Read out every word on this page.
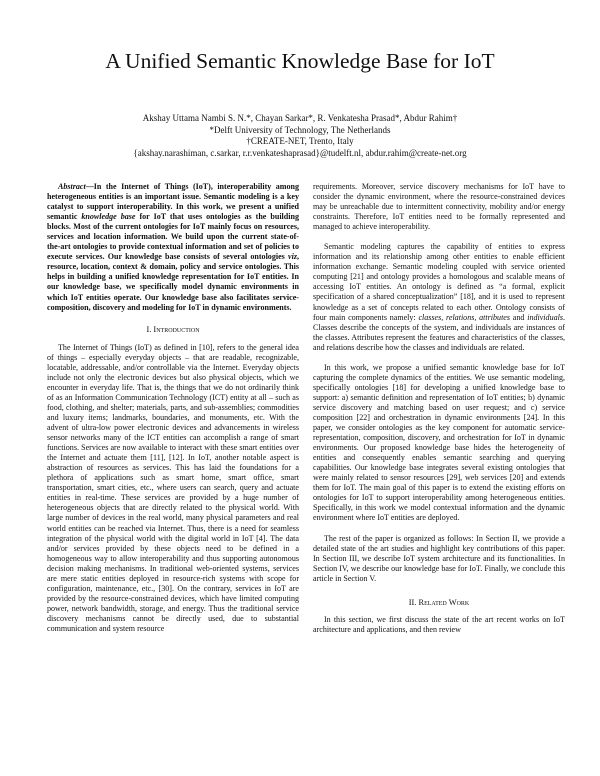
A Unified Semantic Knowledge Base for IoT
Akshay Uttama Nambi S. N.*, Chayan Sarkar*, R. Venkatesha Prasad*, Abdur Rahim†
*Delft University of Technology, The Netherlands
†CREATE-NET, Trento, Italy
{akshay.narashiman, c.sarkar, r.r.venkateshaprasad}@tudelft.nl, abdur.rahim@create-net.org

Abstract—In the Internet of Things (IoT), interoperability among heterogeneous entities is an important issue. Semantic modeling is a key catalyst to support interoperability. In this work, we present a unified semantic knowledge base for IoT that uses ontologies as the building blocks. Most of the current ontologies for IoT mainly focus on resources, services and location information. We build upon the current state-of-the-art ontologies to provide contextual information and set of policies to execute services. Our knowledge base consists of several ontologies viz, resource, location, context & domain, policy and service ontologies. This helps in building a unified knowledge representation for IoT entities. In our knowledge base, we specifically model dynamic environments in which IoT entities operate. Our knowledge base also facilitates service- composition, discovery and modeling for IoT in dynamic environments.

I. Introduction

The Internet of Things (IoT) as defined in [10], refers to the general idea of things – especially everyday objects – that are readable, recognizable, locatable, addressable, and/or controllable via the Internet. Everyday objects include not only the electronic devices but also physical objects, which we encounter in everyday life. That is, the things that we do not ordinarily think of as an Information Communication Technology (ICT) entity at all – such as food, clothing, and shelter; materials, parts, and sub-assemblies; commodities and luxury items; landmarks, boundaries, and monuments, etc. With the advent of ultra-low power electronic devices and advancements in wireless sensor networks many of the ICT entities can accomplish a range of smart functions. Services are now available to interact with these smart entities over the Internet and actuate them [11], [12]. In IoT, another notable aspect is abstraction of resources as services. This has laid the foundations for a plethora of applications such as smart home, smart office, smart transportation, smart cities, etc., where users can search, query and actuate entities in real-time. These services are provided by a huge number of heterogeneous objects that are directly related to the physical world. With large number of devices in the real world, many physical parameters and real world entities can be reached via Internet. Thus, there is a need for seamless integration of the physical world with the digital world in IoT [4]. The data and/or services provided by these objects need to be defined in a homogeneous way to allow interoperability and thus supporting autonomous decision making mechanisms. In traditional web-oriented systems, services are mere static entities deployed in resource-rich systems with scope for configuration, maintenance, etc., [30]. On the contrary, services in IoT are provided by the resource-constrained devices, which have limited computing power, network bandwidth, storage, and energy. Thus the traditional service discovery mechanisms cannot be directly used, due to substantial communication and system resource

requirements. Moreover, service discovery mechanisms for IoT have to consider the dynamic environment, where the resource-constrained devices may be unreachable due to intermittent connectivity, mobility and/or energy constraints. Therefore, IoT entities need to be formally represented and managed to achieve interoperability.

Semantic modeling captures the capability of entities to express information and its relationship among other entities to enable efficient information exchange. Semantic modeling coupled with service oriented computing [21] and ontology provides a homologous and scalable means of accessing IoT entities. An ontology is defined as “a formal, explicit specification of a shared conceptualization” [18], and it is used to represent knowledge as a set of concepts related to each other. Ontology consists of four main components namely: classes, relations, attributes and individuals. Classes describe the concepts of the system, and individuals are instances of the classes. Attributes represent the features and characteristics of the classes, and relations describe how the classes and individuals are related.

In this work, we propose a unified semantic knowledge base for IoT capturing the complete dynamics of the entities. We use semantic modeling, specifically ontologies [18] for developing a unified knowledge base to support: a) semantic definition and representation of IoT entities; b) dynamic service discovery and matching based on user request; and c) service composition [22] and orchestration in dynamic environments [24]. In this paper, we consider ontologies as the key component for automatic service- representation, composition, discovery, and orchestration for IoT in dynamic environments. Our proposed knowledge base hides the heterogeneity of entities and consequently enables semantic searching and querying capabilities. Our knowledge base integrates several existing ontologies that were mainly related to sensor resources [29], web services [20] and extends them for IoT. The main goal of this paper is to extend the existing efforts on ontologies for IoT to support interoperability among heterogeneous entities. Specifically, in this work we model contextual information and the dynamic environment where IoT entities are deployed.

The rest of the paper is organized as follows: In Section II, we provide a detailed state of the art studies and highlight key contributions of this paper. In Section III, we describe IoT system architecture and its functionalities. In Section IV, we describe our knowledge base for IoT. Finally, we conclude this article in Section V.

II. Related Work

In this section, we first discuss the state of the art recent works on IoT architecture and applications, and then review
